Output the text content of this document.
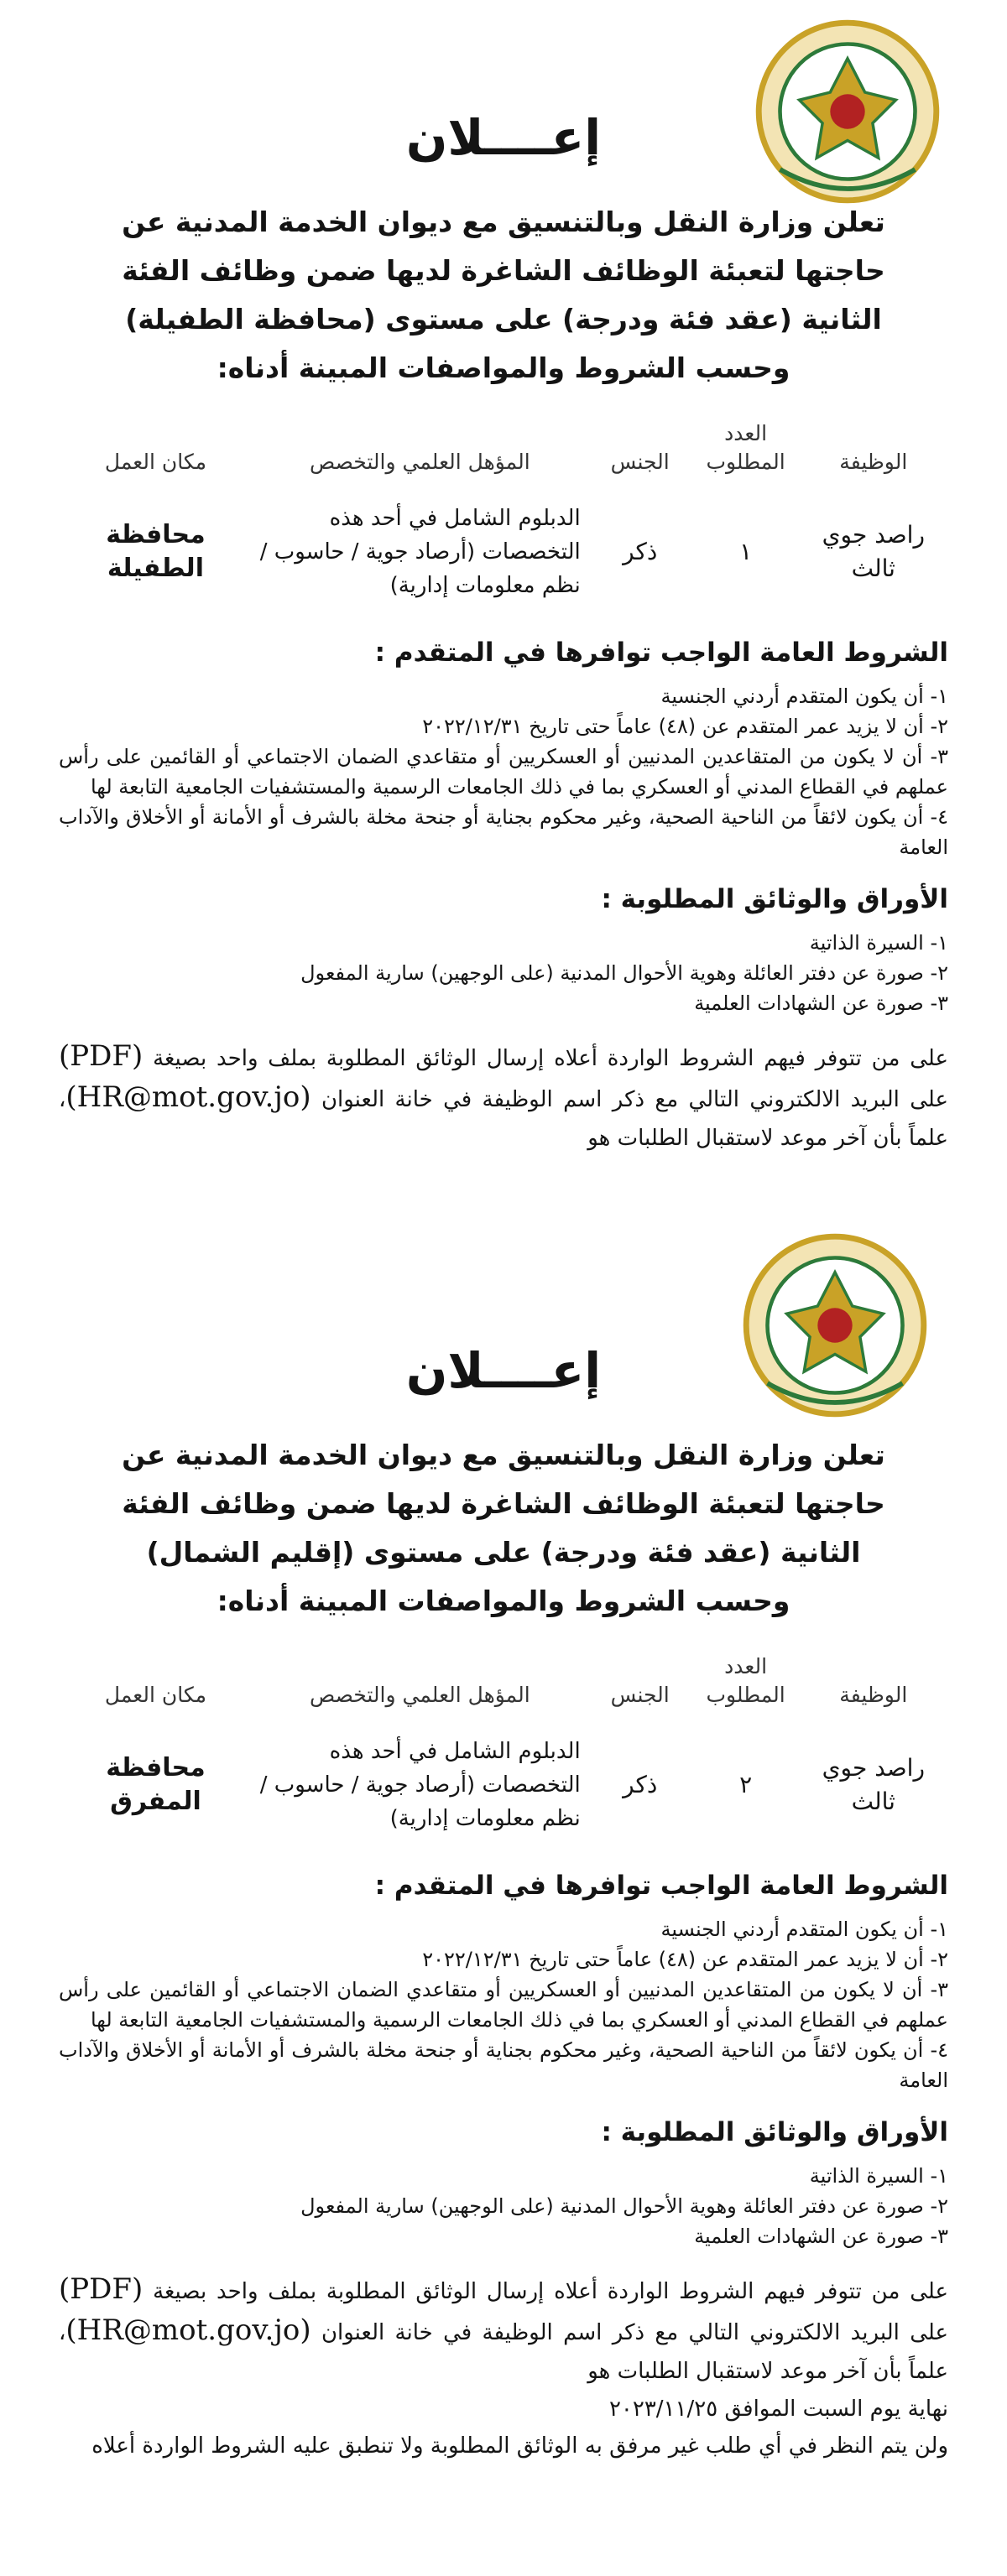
إعــــلان
تعلن وزارة النقل وبالتنسيق مع ديوان الخدمة المدنية عن
حاجتها لتعبئة الوظائف الشاغرة لديها ضمن وظائف الفئة
الثانية (عقد فئة ودرجة) على مستوى (محافظة الطفيلة)
وحسب الشروط والمواصفات المبينة أدناه:
الوظيفة	العدد المطلوب	الجنس	المؤهل العلمي والتخصص	مكان العمل
راصد جوي ثالث	١	ذكر	الدبلوم الشامل في أحد هذه التخصصات (أرصاد جوية / حاسوب / نظم معلومات إدارية)	محافظة الطفيلة
الشروط العامة الواجب توافرها في المتقدم :
١- أن يكون المتقدم أردني الجنسية
٢- أن لا يزيد عمر المتقدم عن (٤٨) عاماً حتى تاريخ ٢٠٢٢/١٢/٣١
٣- أن لا يكون من المتقاعدين المدنيين أو العسكريين أو متقاعدي الضمان الاجتماعي أو القائمين على رأس عملهم في القطاع المدني أو العسكري بما في ذلك الجامعات الرسمية والمستشفيات الجامعية التابعة لها
٤- أن يكون لائقاً من الناحية الصحية، وغير محكوم بجناية أو جنحة مخلة بالشرف أو الأمانة أو الأخلاق والآداب العامة
الأوراق والوثائق المطلوبة :
١- السيرة الذاتية
٢- صورة عن دفتر العائلة وهوية الأحوال المدنية (على الوجهين) سارية المفعول
٣- صورة عن الشهادات العلمية

على من تتوفر فيهم الشروط الواردة أعلاه إرسال الوثائق المطلوبة بملف واحد بصيغة (PDF) على البريد الالكتروني التالي مع ذكر اسم الوظيفة في خانة العنوان (HR@mot.gov.jo)، علماً بأن آخر موعد لاستقبال الطلبات هو

إعــــلان
تعلن وزارة النقل وبالتنسيق مع ديوان الخدمة المدنية عن
حاجتها لتعبئة الوظائف الشاغرة لديها ضمن وظائف الفئة
الثانية (عقد فئة ودرجة) على مستوى (إقليم الشمال)
وحسب الشروط والمواصفات المبينة أدناه:
الوظيفة	العدد المطلوب	الجنس	المؤهل العلمي والتخصص	مكان العمل
راصد جوي ثالث	٢	ذكر	الدبلوم الشامل في أحد هذه التخصصات (أرصاد جوية / حاسوب / نظم معلومات إدارية)	محافظة المفرق
الشروط العامة الواجب توافرها في المتقدم :
١- أن يكون المتقدم أردني الجنسية
٢- أن لا يزيد عمر المتقدم عن (٤٨) عاماً حتى تاريخ ٢٠٢٢/١٢/٣١
٣- أن لا يكون من المتقاعدين المدنيين أو العسكريين أو متقاعدي الضمان الاجتماعي أو القائمين على رأس عملهم في القطاع المدني أو العسكري بما في ذلك الجامعات الرسمية والمستشفيات الجامعية التابعة لها
٤- أن يكون لائقاً من الناحية الصحية، وغير محكوم بجناية أو جنحة مخلة بالشرف أو الأمانة أو الأخلاق والآداب العامة
الأوراق والوثائق المطلوبة :
١- السيرة الذاتية
٢- صورة عن دفتر العائلة وهوية الأحوال المدنية (على الوجهين) سارية المفعول
٣- صورة عن الشهادات العلمية

على من تتوفر فيهم الشروط الواردة أعلاه إرسال الوثائق المطلوبة بملف واحد بصيغة (PDF) على البريد الالكتروني التالي مع ذكر اسم الوظيفة في خانة العنوان (HR@mot.gov.jo)، علماً بأن آخر موعد لاستقبال الطلبات هو

نهاية يوم السبت الموافق ٢٠٢٣/١١/٢٥

ولن يتم النظر في أي طلب غير مرفق به الوثائق المطلوبة ولا تنطبق عليه الشروط الواردة أعلاه
